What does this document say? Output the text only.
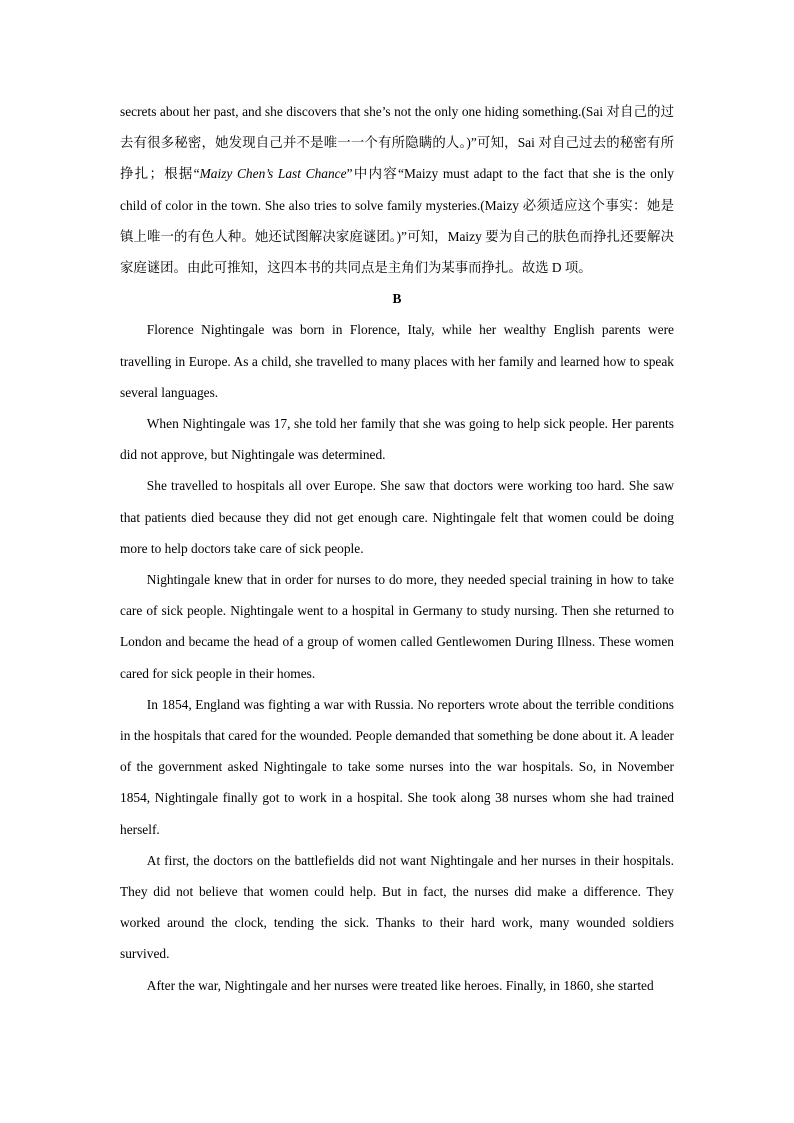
secrets about her past, and she discovers that she’s not the only one hiding something.(Sai 对自己的过去有很多秘密，她发现自己并不是唯一一个有所隐瞒的人。)”可知，Sai 对自己过去的秘密有所挣扎；根据“Maizy Chen’s Last Chance”中内容“Maizy must adapt to the fact that she is the only child of color in the town. She also tries to solve family mysteries.(Maizy 必须适应这个事实：她是镇上唯一的有色人种。她还试图解决家庭谜团。)”可知，Maizy 要为自己的肤色而挣扎还要解决家庭谜团。由此可推知，这四本书的共同点是主角们为某事而挣扎。故选 D 项。

B

Florence Nightingale was born in Florence, Italy, while her wealthy English parents were travelling in Europe. As a child, she travelled to many places with her family and learned how to speak several languages.

When Nightingale was 17, she told her family that she was going to help sick people. Her parents did not approve, but Nightingale was determined.

She travelled to hospitals all over Europe. She saw that doctors were working too hard. She saw that patients died because they did not get enough care. Nightingale felt that women could be doing more to help doctors take care of sick people.

Nightingale knew that in order for nurses to do more, they needed special training in how to take care of sick people. Nightingale went to a hospital in Germany to study nursing. Then she returned to London and became the head of a group of women called Gentlewomen During Illness. These women cared for sick people in their homes.

In 1854, England was fighting a war with Russia. No reporters wrote about the terrible conditions in the hospitals that cared for the wounded. People demanded that something be done about it. A leader of the government asked Nightingale to take some nurses into the war hospitals. So, in November 1854, Nightingale finally got to work in a hospital. She took along 38 nurses whom she had trained herself.

At first, the doctors on the battlefields did not want Nightingale and her nurses in their hospitals. They did not believe that women could help. But in fact, the nurses did make a difference. They worked around the clock, tending the sick. Thanks to their hard work, many wounded soldiers survived.

After the war, Nightingale and her nurses were treated like heroes. Finally, in 1860, she started
